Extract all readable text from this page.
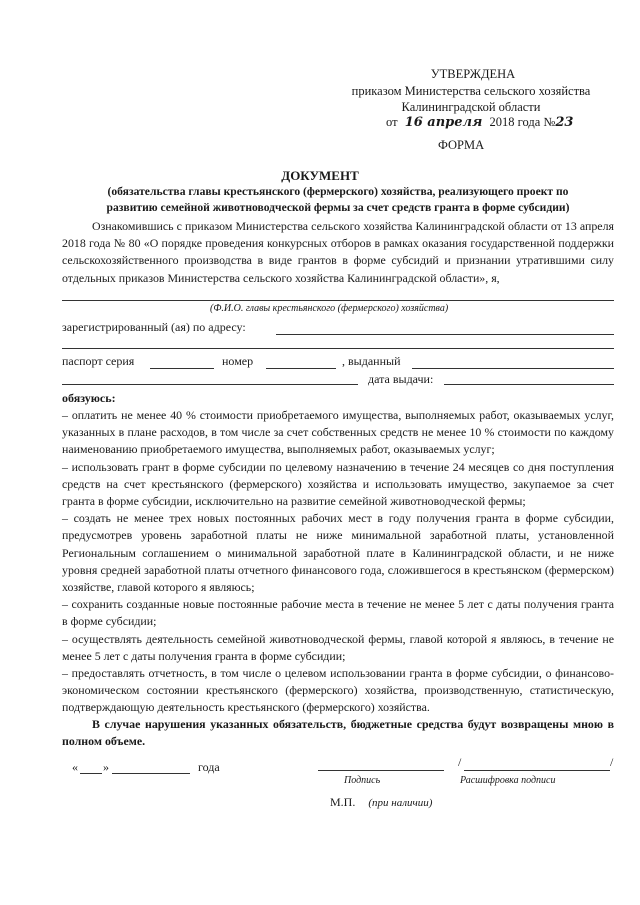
УТВЕРЖДЕНА
приказом Министерства сельского хозяйства
Калининградской области
от 16 апреля 2018 года №23
ФОРМА
ДОКУМЕНТ
(обязательства главы крестьянского (фермерского) хозяйства, реализующего проект по
развитию семейной животноводческой фермы за счет средств гранта в форме субсидии)

Ознакомившись с приказом Министерства сельского хозяйства Калининградской области от 13 апреля 2018 года № 80 «О порядке проведения конкурсных отборов в рамках оказания государственной поддержки сельскохозяйственного производства в виде грантов в форме субсидий и признании утратившими силу отдельных приказов Министерства сельского хозяйства Калининградской области», я,

(Ф.И.О. главы крестьянского (фермерского) хозяйства)
зарегистрированный (ая) по адресу:
паспорт серия	номер	, выданный
дата выдачи:
обязуюсь:

– оплатить не менее 40 % стоимости приобретаемого имущества, выполняемых работ, оказываемых услуг, указанных в плане расходов, в том числе за счет собственных средств не менее 10 % стоимости по каждому наименованию приобретаемого имущества, выполняемых работ, оказываемых услуг;

– использовать грант в форме субсидии по целевому назначению в течение 24 месяцев со дня поступления средств на счет крестьянского (фермерского) хозяйства и использовать имущество, закупаемое за счет гранта в форме субсидии, исключительно на развитие семейной животноводческой фермы;

– создать не менее трех новых постоянных рабочих мест в году получения гранта в форме субсидии, предусмотрев уровень заработной платы не ниже минимальной заработной платы, установленной Региональным соглашением о минимальной заработной плате в Калининградской области, и не ниже уровня средней заработной платы отчетного финансового года, сложившегося в крестьянском (фермерском) хозяйстве, главой которого я являюсь;

– сохранить созданные новые постоянные рабочие места в течение не менее 5 лет с даты получения гранта в форме субсидии;

– осуществлять деятельность семейной животноводческой фермы, главой которой я являюсь, в течение не менее 5 лет с даты получения гранта в форме субсидии;

– предоставлять отчетность, в том числе о целевом использовании гранта в форме субсидии, о финансово-экономическом состоянии крестьянского (фермерского) хозяйства, производственную, статистическую, подтверждающую деятельность крестьянского (фермерского) хозяйства.

В случае нарушения указанных обязательств, бюджетные средства будут возвращены мною в полном объеме.

« »	года
Подпись
/	/
Расшифровка подписи
М.П. (при наличии)
